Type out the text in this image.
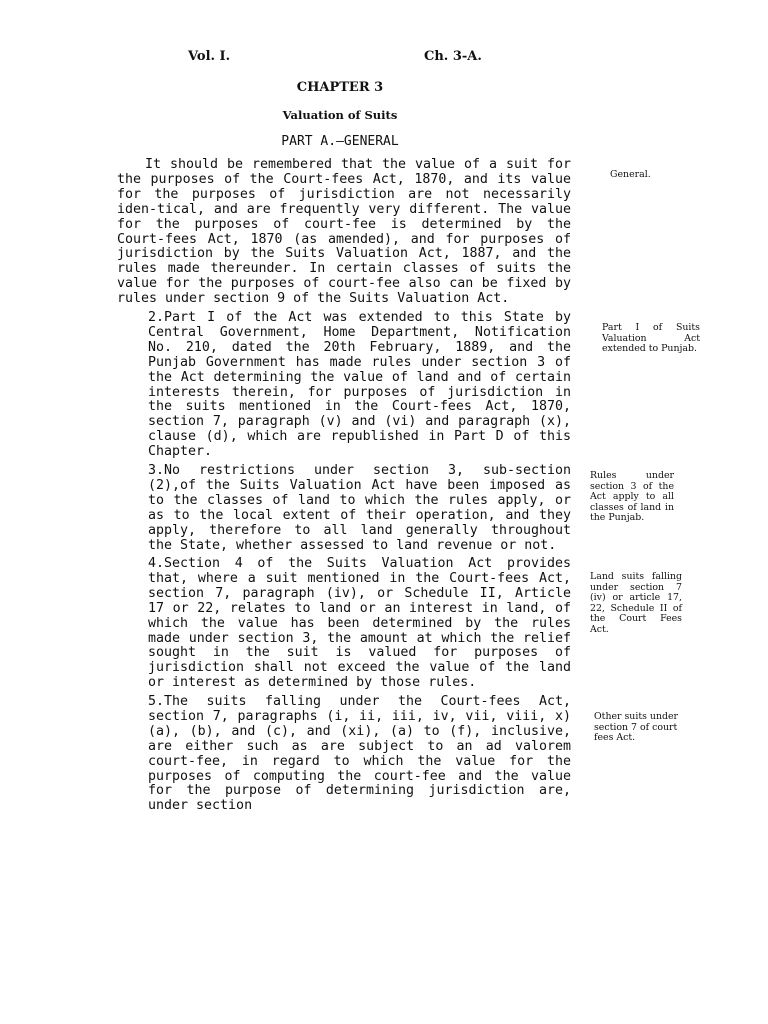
Vol. I.	Ch. 3-A.
CHAPTER 3
Valuation of Suits
PART A.—GENERAL

It should be remembered that the value of a suit for the purposes of the Court-fees Act, 1870, and its value for the purposes of jurisdiction are not necessarily iden-tical, and are frequently very different. The value for the purposes of court-fee is determined by the Court-fees Act, 1870 (as amended), and for purposes of jurisdiction by the Suits Valuation Act, 1887, and the rules made thereunder. In certain classes of suits the value for the purposes of court-fee also can be fixed by rules under section 9 of the Suits Valuation Act.

2.Part I of the Act was extended to this State by Central Government, Home Department, Notification No. 210, dated the 20th February, 1889, and the Punjab Government has made rules under section 3 of the Act determining the value of land and of certain interests therein, for purposes of jurisdiction in the suits mentioned in the Court-fees Act, 1870, section 7, paragraph (v) and (vi) and paragraph (x), clause (d), which are republished in Part D of this Chapter.

3.No restrictions under section 3, sub-section (2),of the Suits Valuation Act have been imposed as to the classes of land to which the rules apply, or as to the local extent of their operation, and they apply, therefore to all land generally throughout the State, whether assessed to land revenue or not.

4.Section 4 of the Suits Valuation Act provides that, where a suit mentioned in the Court-fees Act, section 7, paragraph (iv), or Schedule II, Article 17 or 22, relates to land or an interest in land, of which the value has been determined by the rules made under section 3, the amount at which the relief sought in the suit is valued for purposes of jurisdiction shall not exceed the value of the land or interest as determined by those rules.

5.The suits falling under the Court-fees Act, section 7, paragraphs (i, ii, iii, iv, vii, viii, x) (a), (b), and (c), and (xi), (a) to (f), inclusive, are either such as are subject to an ad valorem court-fee, in regard to which the value for the purposes of computing the court-fee and the value for the purpose of determining jurisdiction are, under section

General.

Part I of Suits Valuation Act extended to Punjab.

Rules under section 3 of the Act apply to all classes of land in the Punjab.

Land suits falling under section 7 (iv) or article 17, 22, Schedule II of the Court Fees Act.

Other suits under section 7 of court fees Act.
